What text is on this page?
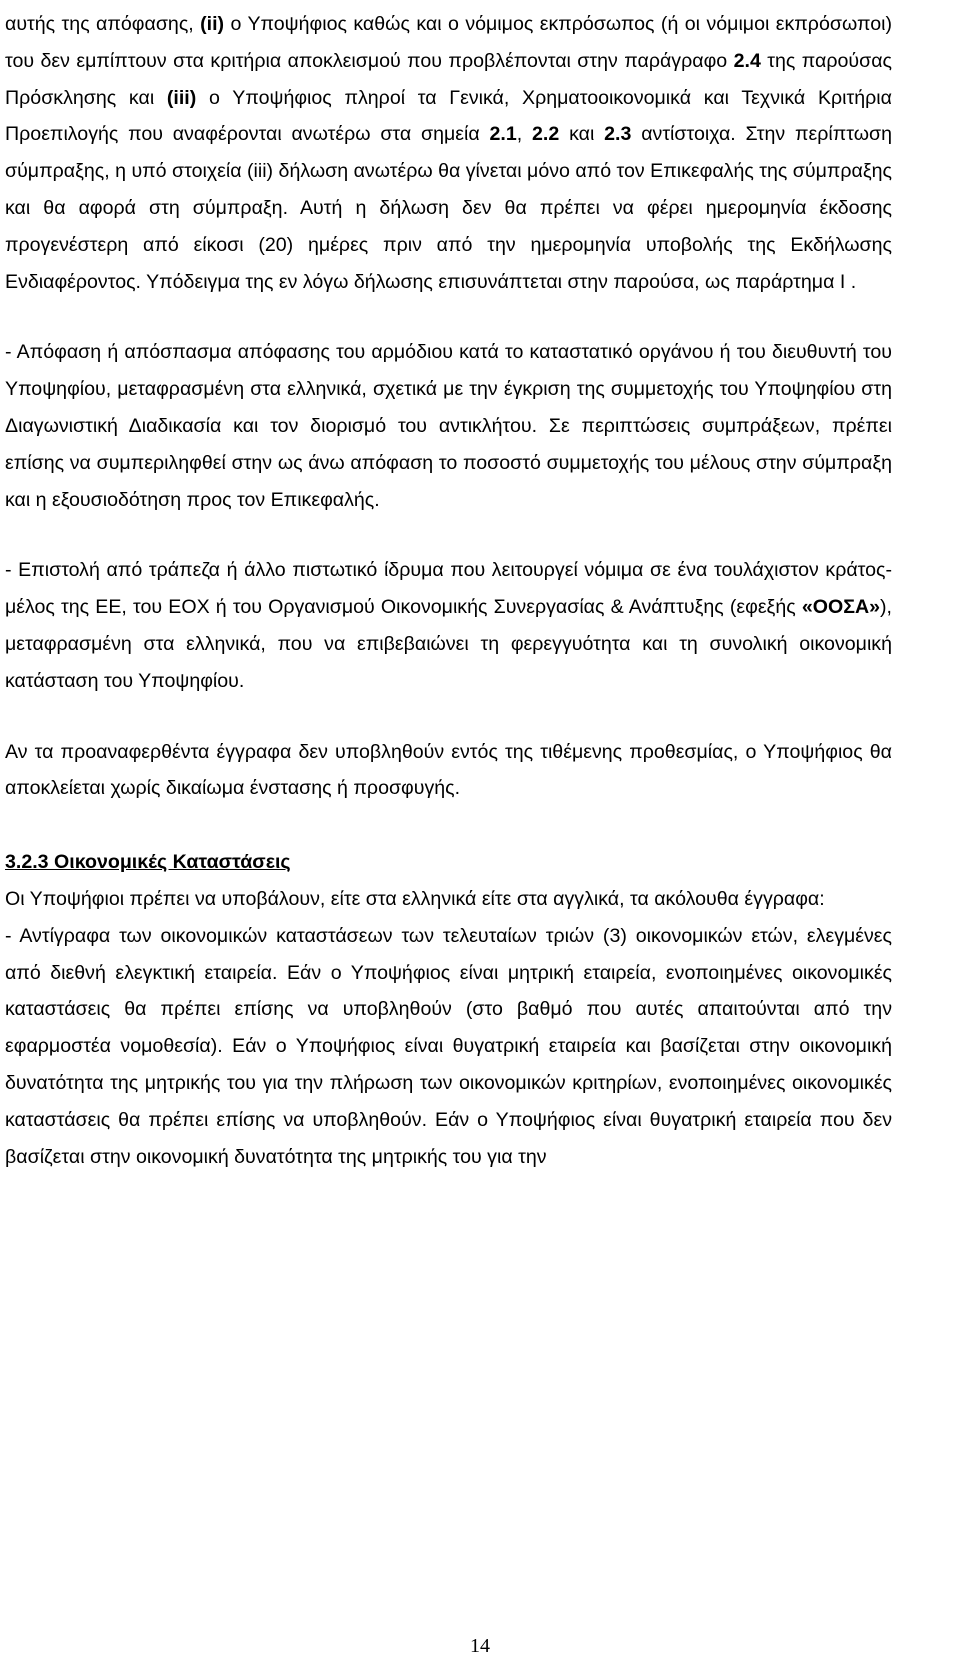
αυτής της απόφασης, (ii) ο Υποψήφιος καθώς και ο νόμιμος εκπρόσωπος (ή οι νόμιμοι εκπρόσωποι) του δεν εμπίπτουν στα κριτήρια αποκλεισμού που προβλέπονται στην παράγραφο 2.4 της παρούσας Πρόσκλησης και (iii) ο Υποψήφιος πληροί τα Γενικά, Χρηματοοικονομικά και Τεχνικά Κριτήρια Προεπιλογής που αναφέρονται ανωτέρω στα σημεία 2.1, 2.2 και 2.3 αντίστοιχα. Στην περίπτωση σύμπραξης, η υπό στοιχεία (iii) δήλωση ανωτέρω θα γίνεται μόνο από τον Επικεφαλής της σύμπραξης και θα αφορά στη σύμπραξη. Αυτή η δήλωση δεν θα πρέπει να φέρει ημερομηνία έκδοσης προγενέστερη από είκοσι (20) ημέρες πριν από την ημερομηνία υποβολής της Εκδήλωσης Ενδιαφέροντος. Υπόδειγμα της εν λόγω δήλωσης επισυνάπτεται στην παρούσα, ως παράρτημα I .

- Απόφαση ή απόσπασμα απόφασης του αρμόδιου κατά το καταστατικό οργάνου ή του διευθυντή του Υποψηφίου, μεταφρασμένη στα ελληνικά, σχετικά με την έγκριση της συμμετοχής του Υποψηφίου στη Διαγωνιστική Διαδικασία και τον διορισμό του αντικλήτου. Σε περιπτώσεις συμπράξεων, πρέπει επίσης να συμπεριληφθεί στην ως άνω απόφαση το ποσοστό συμμετοχής του μέλους στην σύμπραξη και η εξουσιοδότηση προς τον Επικεφαλής.

- Επιστολή από τράπεζα ή άλλο πιστωτικό ίδρυμα που λειτουργεί νόμιμα σε ένα τουλάχιστον κράτος-μέλος της ΕΕ, του ΕΟΧ ή του Οργανισμού Οικονομικής Συνεργασίας & Ανάπτυξης (εφεξής «ΟΟΣΑ»), μεταφρασμένη στα ελληνικά, που να επιβεβαιώνει τη φερεγγυότητα και τη συνολική οικονομική κατάσταση του Υποψηφίου.

Αν τα προαναφερθέντα έγγραφα δεν υποβληθούν εντός της τιθέμενης προθεσμίας, ο Υποψήφιος θα αποκλείεται χωρίς δικαίωμα ένστασης ή προσφυγής.

3.2.3 Οικονομικές Καταστάσεις

Οι Υποψήφιοι πρέπει να υποβάλουν, είτε στα ελληνικά είτε στα αγγλικά, τα ακόλουθα έγγραφα:

- Αντίγραφα των οικονομικών καταστάσεων των τελευταίων τριών (3) οικονομικών ετών, ελεγμένες από διεθνή ελεγκτική εταιρεία. Εάν ο Υποψήφιος είναι μητρική εταιρεία, ενοποιημένες οικονομικές καταστάσεις θα πρέπει επίσης να υποβληθούν (στο βαθμό που αυτές απαιτούνται από την εφαρμοστέα νομοθεσία). Εάν ο Υποψήφιος είναι θυγατρική εταιρεία και βασίζεται στην οικονομική δυνατότητα της μητρικής του για την πλήρωση των οικονομικών κριτηρίων, ενοποιημένες οικονομικές καταστάσεις θα πρέπει επίσης να υποβληθούν. Εάν ο Υποψήφιος είναι θυγατρική εταιρεία που δεν βασίζεται στην οικονομική δυνατότητα της μητρικής του για την

14
